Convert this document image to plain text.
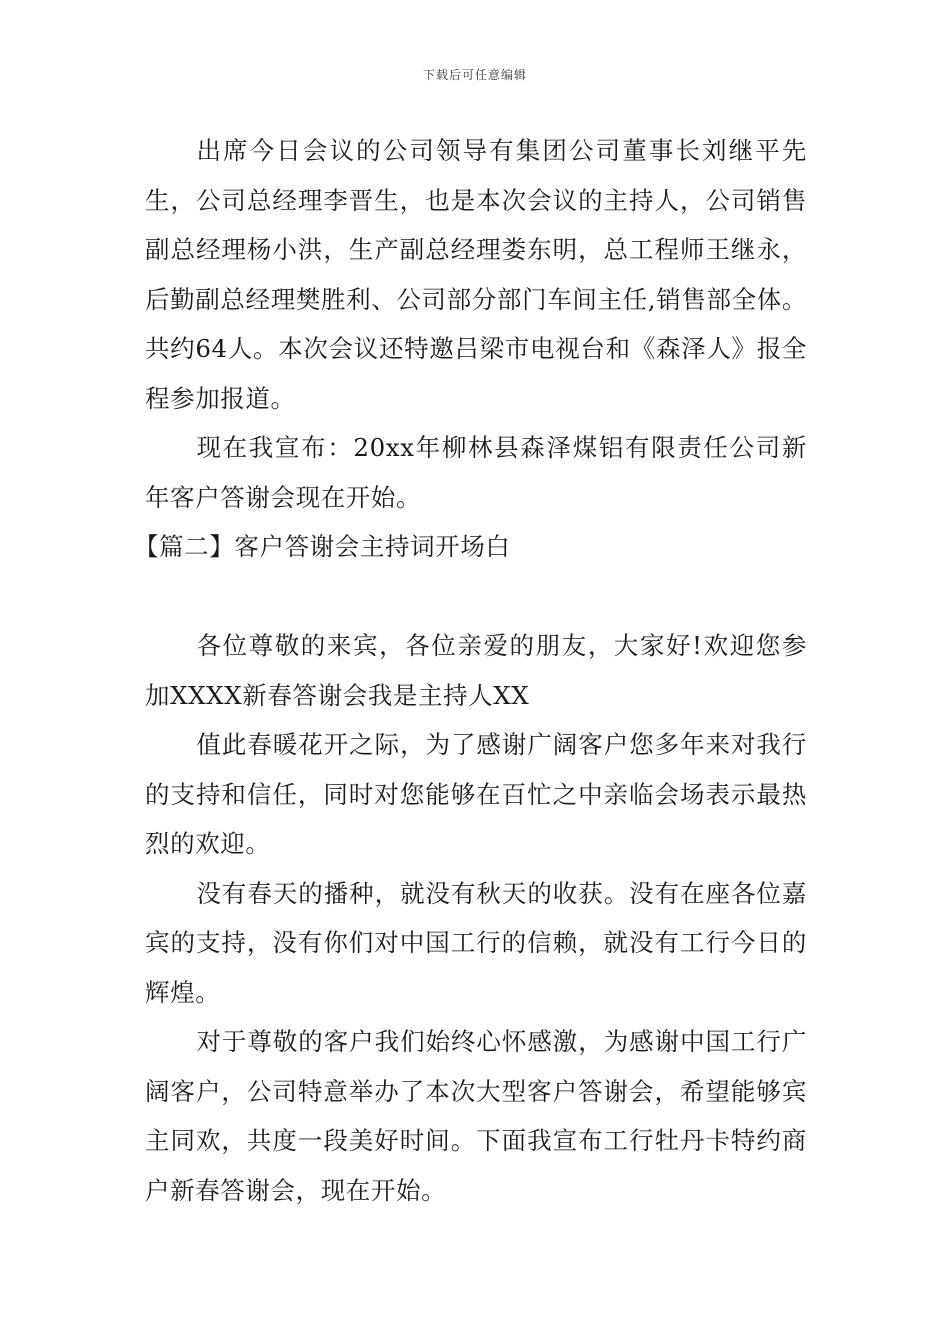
下载后可任意编辑

出席今日会议的公司领导有集团公司董事长刘继平先生，公司总经理李晋生，也是本次会议的主持人，公司销售副总经理杨小洪，生产副总经理娄东明，总工程师王继永，后勤副总经理樊胜利、公司部分部门车间主任,销售部全体。共约64人。本次会议还特邀吕梁市电视台和《森泽人》报全程参加报道。

现在我宣布：20xx年柳林县森泽煤铝有限责任公司新年客户答谢会现在开始。

【篇二】客户答谢会主持词开场白

各位尊敬的来宾，各位亲爱的朋友，大家好!欢迎您参加XXXX新春答谢会我是主持人XX

值此春暖花开之际，为了感谢广阔客户您多年来对我行的支持和信任，同时对您能够在百忙之中亲临会场表示最热烈的欢迎。

没有春天的播种，就没有秋天的收获。没有在座各位嘉宾的支持，没有你们对中国工行的信赖，就没有工行今日的辉煌。

对于尊敬的客户我们始终心怀感激，为感谢中国工行广阔客户，公司特意举办了本次大型客户答谢会，希望能够宾主同欢，共度一段美好时间。下面我宣布工行牡丹卡特约商户新春答谢会，现在开始。
